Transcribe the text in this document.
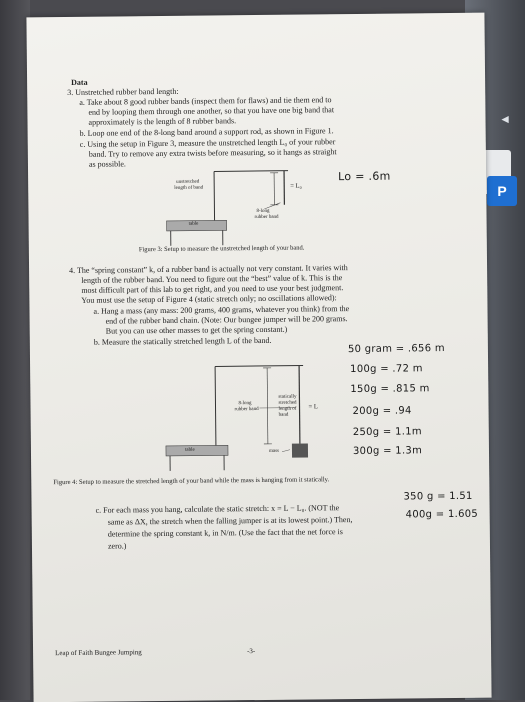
◄
P
Data
3. Unstretched rubber band length:
a. Take about 8 good rubber bands (inspect them for flaws) and tie them end to
end by looping them through one another, so that you have one big band that
approximately is the length of 8 rubber bands.
b. Loop one end of the 8-long band around a support rod, as shown in Figure 1.
c. Using the setup in Figure 3, measure the unstretched length L₀ of your rubber
band. Try to remove any extra twists before measuring, so it hangs as straight
as possible.
unstretched
length of band	= L₀
8-long
rubber band
table
Figure 3: Setup to measure the unstretched length of your band.
4. The “spring constant” k, of a rubber band is actually not very constant. It varies with
length of the rubber band. You need to figure out the “best” value of k. This is the
most difficult part of this lab to get right, and you need to use your best judgment.
You must use the setup of Figure 4 (static stretch only; no oscillations allowed):
a. Hang a mass (any mass: 200 grams, 400 grams, whatever you think) from the
end of the rubber band chain. (Note: Our bungee jumper will be 200 grams.
But you can use other masses to get the spring constant.)
b. Measure the statically stretched length L of the band.
statically
stretched
length of
band
= L
8-long
rubber band
mass
table
Figure 4: Setup to measure the stretched length of your band while the mass is hanging from it statically.
c. For each mass you hang, calculate the static stretch: x = L − L₀. (NOT the
same as ΔX, the stretch when the falling jumper is at its lowest point.) Then,
determine the spring constant k, in N/m. (Use the fact that the net force is
zero.)
Leap of Faith Bungee Jumping	-3-
Lo = .6m
50 gram = .656 m
100g = .72 m
150g = .815 m
200g = .94
250g = 1.1m
300g = 1.3m
350 g = 1.51
400g = 1.605
